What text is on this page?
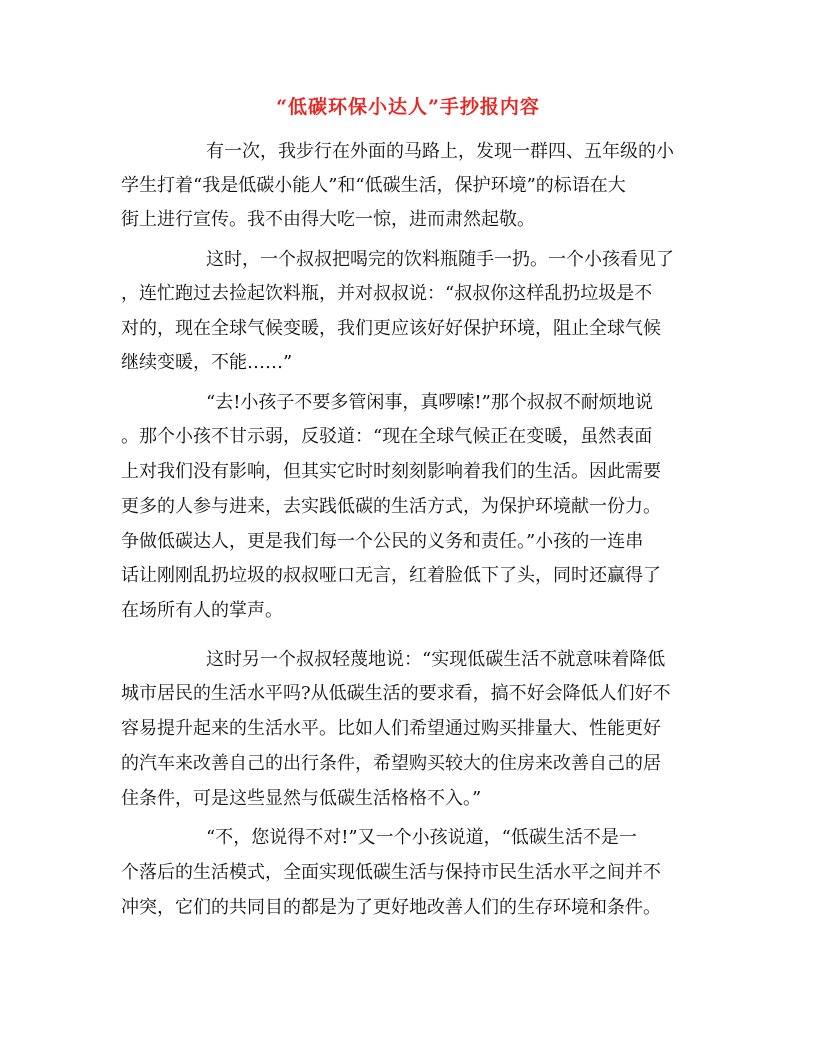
“低碳环保小达人”手抄报内容
有一次，我步行在外面的马路上，发现一群四、五年级的小
学生打着“我是低碳小能人”和“低碳生活，保护环境”的标语在大
街上进行宣传。我不由得大吃一惊，进而肃然起敬。
这时，一个叔叔把喝完的饮料瓶随手一扔。一个小孩看见了
，连忙跑过去捡起饮料瓶，并对叔叔说：“叔叔你这样乱扔垃圾是不
对的，现在全球气候变暖，我们更应该好好保护环境，阻止全球气候
继续变暖，不能……”
“去!小孩子不要多管闲事，真啰嗦!”那个叔叔不耐烦地说
。那个小孩不甘示弱，反驳道：“现在全球气候正在变暖，虽然表面
上对我们没有影响，但其实它时时刻刻影响着我们的生活。因此需要
更多的人参与进来，去实践低碳的生活方式，为保护环境献一份力。
争做低碳达人，更是我们每一个公民的义务和责任。”小孩的一连串
话让刚刚乱扔垃圾的叔叔哑口无言，红着脸低下了头，同时还赢得了
在场所有人的掌声。
这时另一个叔叔轻蔑地说：“实现低碳生活不就意味着降低
城市居民的生活水平吗?从低碳生活的要求看，搞不好会降低人们好不
容易提升起来的生活水平。比如人们希望通过购买排量大、性能更好
的汽车来改善自己的出行条件，希望购买较大的住房来改善自己的居
住条件，可是这些显然与低碳生活格格不入。”
“不，您说得不对!”又一个小孩说道，“低碳生活不是一
个落后的生活模式，全面实现低碳生活与保持市民生活水平之间并不
冲突，它们的共同目的都是为了更好地改善人们的生存环境和条件。
